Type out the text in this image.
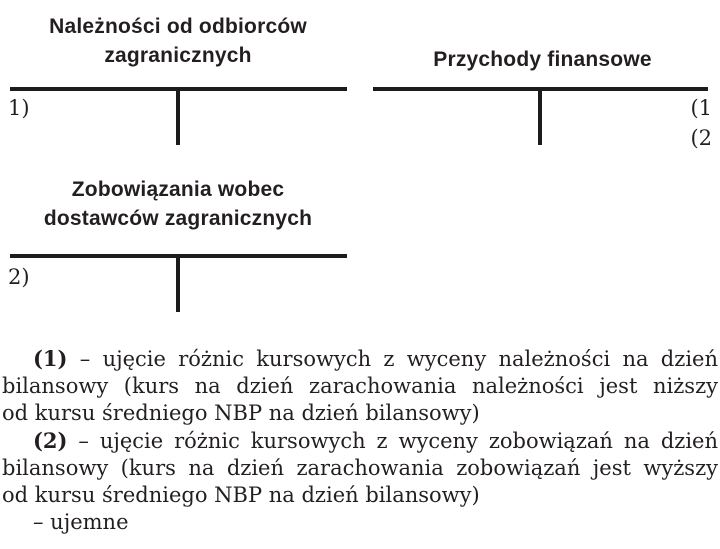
Należności od odbiorców zagranicznych
1)
Przychody finansowe
(1
(2
Zobowiązania wobec dostawców zagranicznych
2)
(1) – ujęcie różnic kursowych z wyceny należności na dzień
bilansowy (kurs na dzień zarachowania należności jest niższy
od kursu średniego NBP na dzień bilansowy)
(2) – ujęcie różnic kursowych z wyceny zobowiązań na dzień
bilansowy (kurs na dzień zarachowania zobowiązań jest wyższy
od kursu średniego NBP na dzień bilansowy)
– ujemne
